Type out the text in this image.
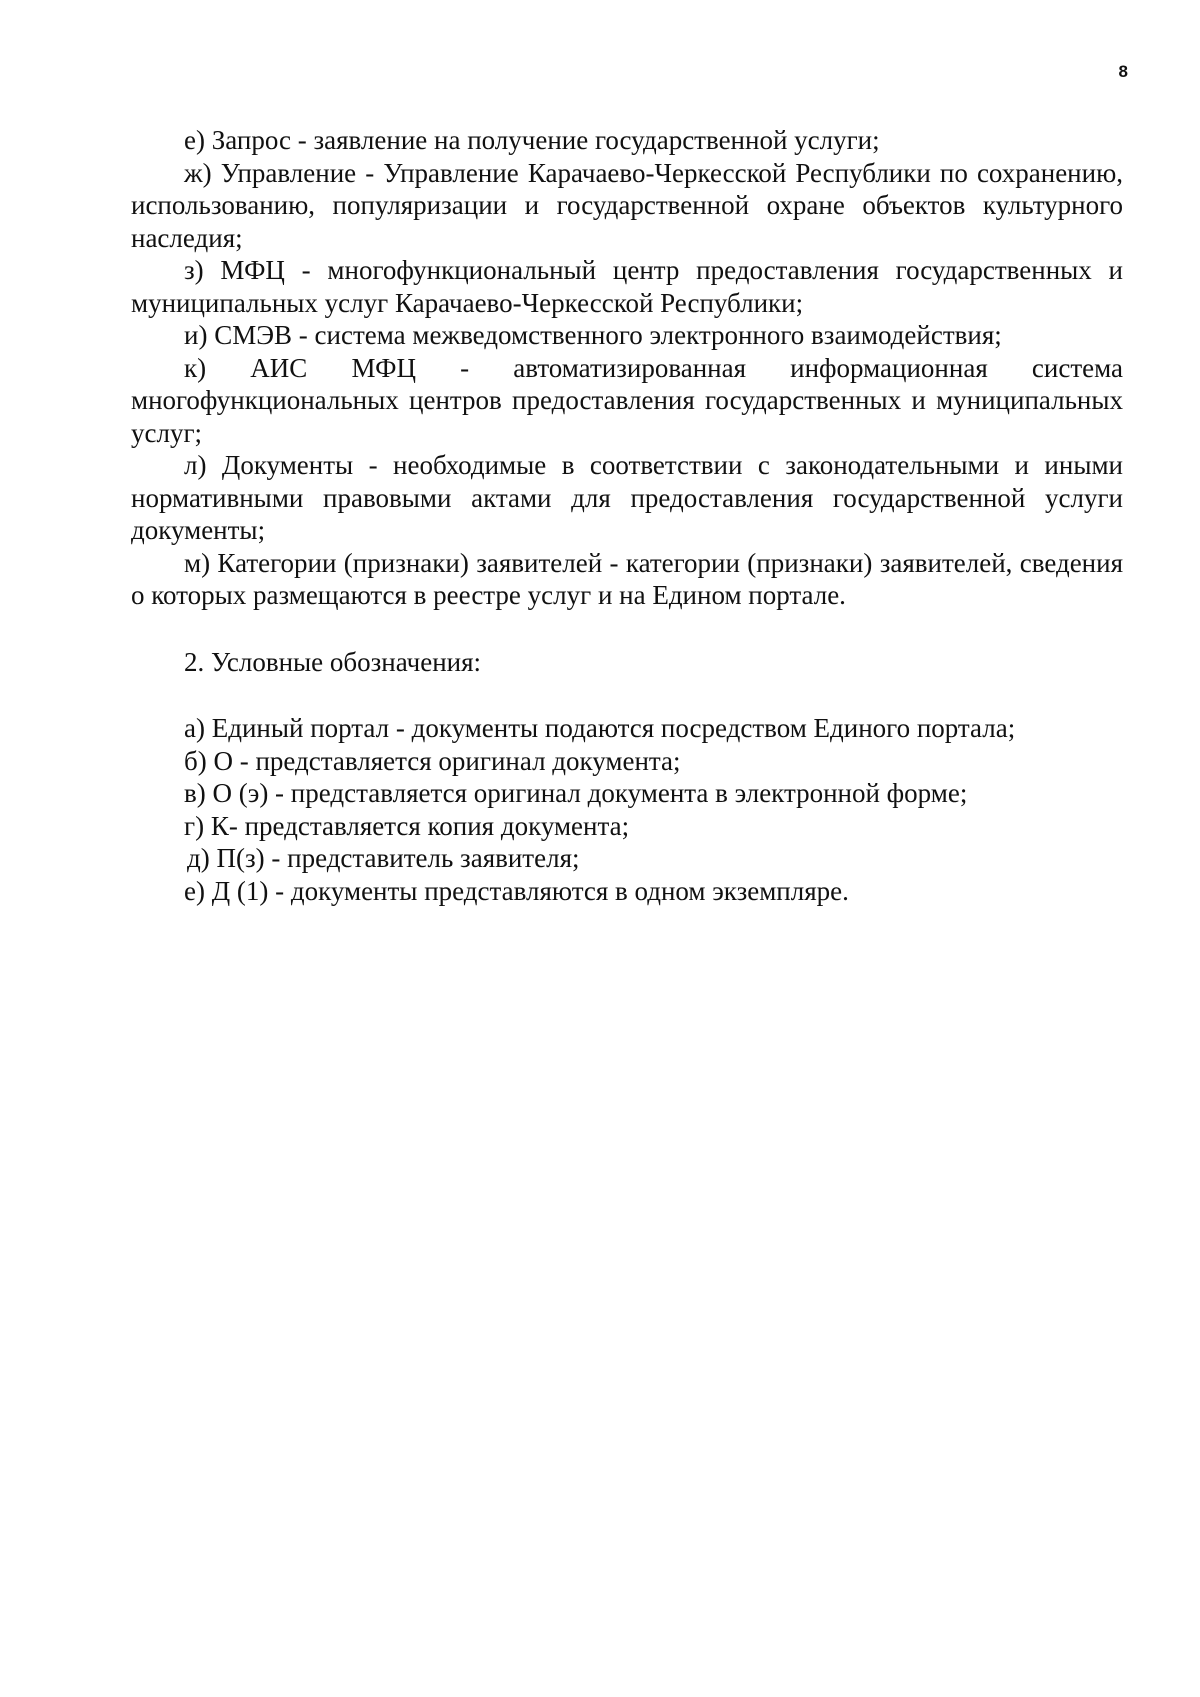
8

е) Запрос - заявление на получение государственной услуги;

ж) Управление - Управление Карачаево-Черкесской Республики по сохранению, использованию, популяризации и государственной охране объектов культурного наследия;

з) МФЦ - многофункциональный центр предоставления государственных и муниципальных услуг Карачаево-Черкесской Республики;

и) СМЭВ - система межведомственного электронного взаимодействия;

к) АИС МФЦ - автоматизированная информационная система многофункциональных центров предоставления государственных и муниципальных услуг;

л) Документы - необходимые в соответствии с законодательными и иными нормативными правовыми актами для предоставления государственной услуги документы;

м) Категории (признаки) заявителей - категории (признаки) заявителей, сведения о которых размещаются в реестре услуг и на Едином портале.

2. Условные обозначения:

а) Единый портал - документы подаются посредством Единого портала;

б) О - представляется оригинал документа;

в) О (э) - представляется оригинал документа в электронной форме;

г) К- представляется копия документа;

д) П(з) - представитель заявителя;

е) Д (1) - документы представляются в одном экземпляре.
